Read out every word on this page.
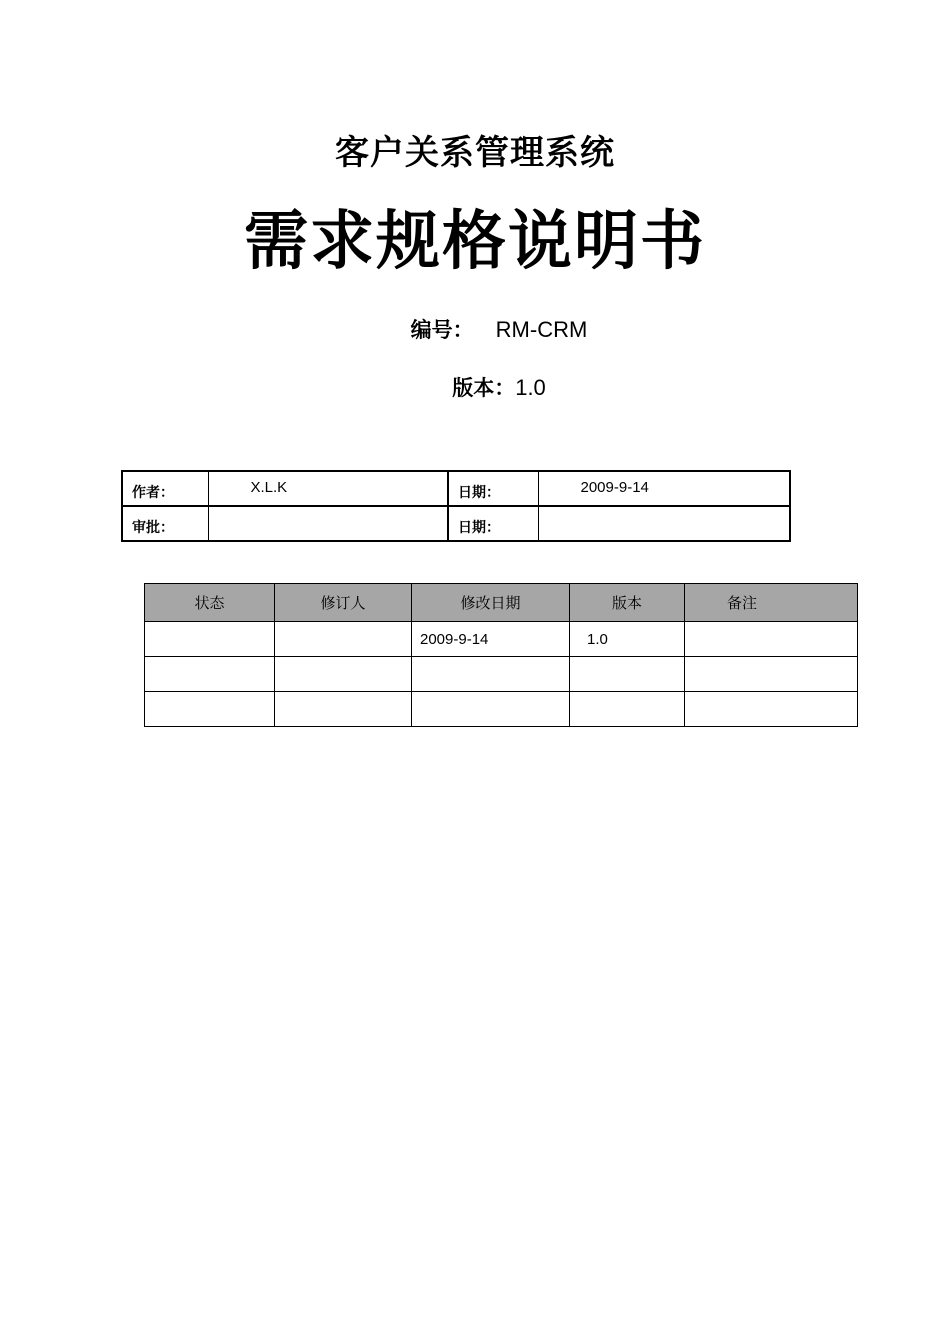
客户关系管理系统
需求规格说明书
编号： RM-CRM
版本：1.0
作者：	X.L.K	日期：	2009-9-14
审批：		日期：	
状态	修订人	修改日期	版本	备注
		2009-9-14	1.0	
